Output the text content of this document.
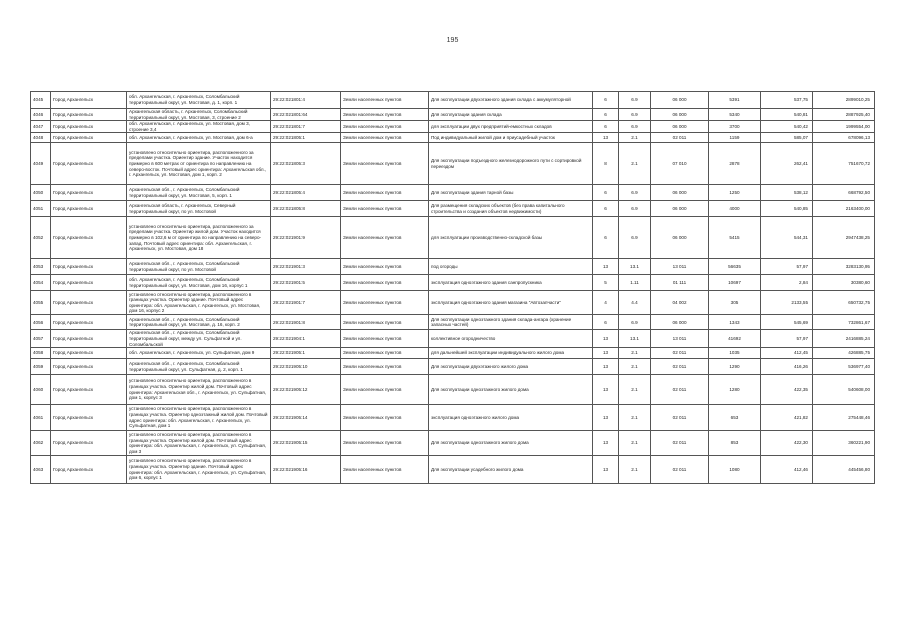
195
4045	Город Архангельск	обл. Архангельская, г. Архангельск, Соломбальский территориальный округ, ул. Мостовая, д. 1, корп. 1	29:22:021801:4	Земли населенных пунктов	Для эксплуатации двухэтажного здания склада с аккумуляторной	6	6.9	06 000	5391	537,75	2899010,25
4046	Город Архангельск	Архангельская область, г. Архангельск, Соломбальский территориальный округ, ул. Мостовая, 3, строение 2	29:22:021801:64	Земли населенных пунктов	Для эксплуатации здания склада	6	6.9	06 000	5340	540,81	2887925,40
4047	Город Архангельск	обл. Архангельская, г. Архангельск, ул. Мостовая, дом 3, строение 3,4	29:22:021801:7	Земли населенных пунктов	для эксплуатации двух предприятий-емкостных складов	6	6.9	06 000	3700	540,42	1999554,00
4048	Город Архангельск	обл. Архангельская, г. Архангельск, ул. Мостовая, дом 6-а	29:22:021805:1	Земли населенных пунктов	Под индивидуальный жилой дом и приусадебный участок	13	2.1	02 011	1159	585,07	678096,13
4049	Город Архангельск	установлено относительно ориентира, расположенного за пределами участка. Ориентир здание. Участок находится примерно в 600 метрах от ориентира по направлению на северо-восток. Почтовый адрес ориентира: Архангельская обл., г. Архангельск, ул. Мостовая, дом 1, корп. 2	29:22:021805:3	Земли населенных пунктов	Для эксплуатации подъездного железнодорожного пути с сортировкой переездом	8	2.1	07 010	2878	262,41	751670,72
4050	Город Архангельск	Архангельская обл., г. Архангельск, Соломбальский территориальный округ, ул. Мостовая, 5, корп. 1	29:22:021805:4	Земли населенных пунктов	Для эксплуатации здания тарной базы	6	6.9	06 000	1250	538,12	668792,50
4051	Город Архангельск	Архангельская область, г. Архангельск, Северный территориальный округ, по ул. Мостовой	29:22:021805:8	Земли населенных пунктов	Для размещения складских объектов (без права капитального строительства и создания объектов недвижимости)	6	6.9	06 000	4000	540,85	2163400,00
4052	Город Архангельск	установлено относительно ориентира, расположенного за пределами участка. Ориентир жилой дом. Участок находится примерно в 102,6 м от ориентира по направлению на северо-запад. Почтовый адрес ориентира: обл. Архангельская, г. Архангельск, ул. Мостовая, дом 18	29:22:021901:9	Земли населенных пунктов	для эксплуатации производственно-складской базы	6	6.9	06 000	5415	544,31	2947438,25
4053	Город Архангельск	Архангельская обл., г. Архангельск, Соломбальский территориальный округ, по ул. Мостовой	29:22:021901:3	Земли населенных пунктов	под огороды	13	13.1	13 011	56635	57,97	3283130,95
4054	Город Архангельск	обл. Архангельская, г. Архангельск, Соломбальский территориальный округ, ул. Мостовая, дом 16, корпус 1	29:22:021901:5	Земли населенных пунктов	эксплуатация одноэтажного здания санпропускника	5	1.11	01 111	10697	2,84	30380,60
4055	Город Архангельск	установлено относительно ориентира, расположенного в границах участка. Ориентир здание. Почтовый адрес ориентира: обл. Архангельская, г. Архангельск, ул. Мостовая, дом 16, корпус 2	29:22:021901:7	Земли населенных пунктов	эксплуатация одноэтажного здания магазина "Автозапчасти"	4	4.4	04 002	305	2133,55	650732,75
4056	Город Архангельск	Архангельская обл., г. Архангельск, Соломбальский территориальный округ, ул. Мостовая, д. 16, корп. 2	29:22:021901:8	Земли населенных пунктов	Для эксплуатации одноэтажного здания склада-ангара (хранение запасных частей)	6	6.9	06 000	1343	545,69	732861,67
4057	Город Архангельск	Архангельская обл., г. Архангельск, Соломбальский территориальный округ, между ул. Сульфатной и ул. Соломбальской	29:22:021904:1	Земли населенных пунктов	коллективное огородничество	13	13.1	13 011	41692	57,97	2416885,24
4058	Город Архангельск	обл. Архангельская, г. Архангельск, ул. Сульфатная, дом 9	29:22:021905:1	Земли населенных пунктов	для дальнейшей эксплуатации индивидуального жилого дома	13	2.1	02 011	1035	412,45	426885,75
4059	Город Архангельск	Архангельская обл., г. Архангельск, Соломбальский территориальный округ, ул. Сульфатная, д. 2, корп. 1	29:22:021905:10	Земли населенных пунктов	Для эксплуатации двухэтажного жилого дома	13	2.1	02 011	1290	416,26	536977,40
4060	Город Архангельск	установлено относительно ориентира, расположенного в границах участка. Ориентир жилой дом. Почтовый адрес ориентира: Архангельская обл., г. Архангельск, ул. Сульфатная, дом 1, корпус 3	29:22:021905:12	Земли населенных пунктов	Для эксплуатации одноэтажного жилого дома	13	2.1	02 011	1280	422,35	540608,00
4061	Город Архангельск	установлено относительно ориентира, расположенного в границах участка. Ориентир одноэтажный жилой дом. Почтовый адрес ориентира: обл. Архангельская, г. Архангельск, ул. Сульфатная, дом 1	29:22:021905:14	Земли населенных пунктов	эксплуатация одноэтажного жилого дома	13	2.1	02 011	653	421,82	275448,46
4062	Город Архангельск	установлено относительно ориентира, расположенного в границах участка. Ориентир жилой дом. Почтовый адрес ориентира: обл. Архангельская, г. Архангельск, ул. Сульфатная, дом 3	29:22:021905:15	Земли населенных пунктов	Для эксплуатации одноэтажного жилого дома	13	2.1	02 011	853	422,30	360221,90
4063	Город Архангельск	установлено относительно ориентира, расположенного в границах участка. Ориентир здание. Почтовый адрес ориентира: обл. Архангельская, г. Архангельск, ул. Сульфатная, дом 6, корпус 1	29:22:021905:16	Земли населенных пунктов	Для эксплуатации усадебного жилого дома	13	2.1	02 011	1080	412,46	445456,80
